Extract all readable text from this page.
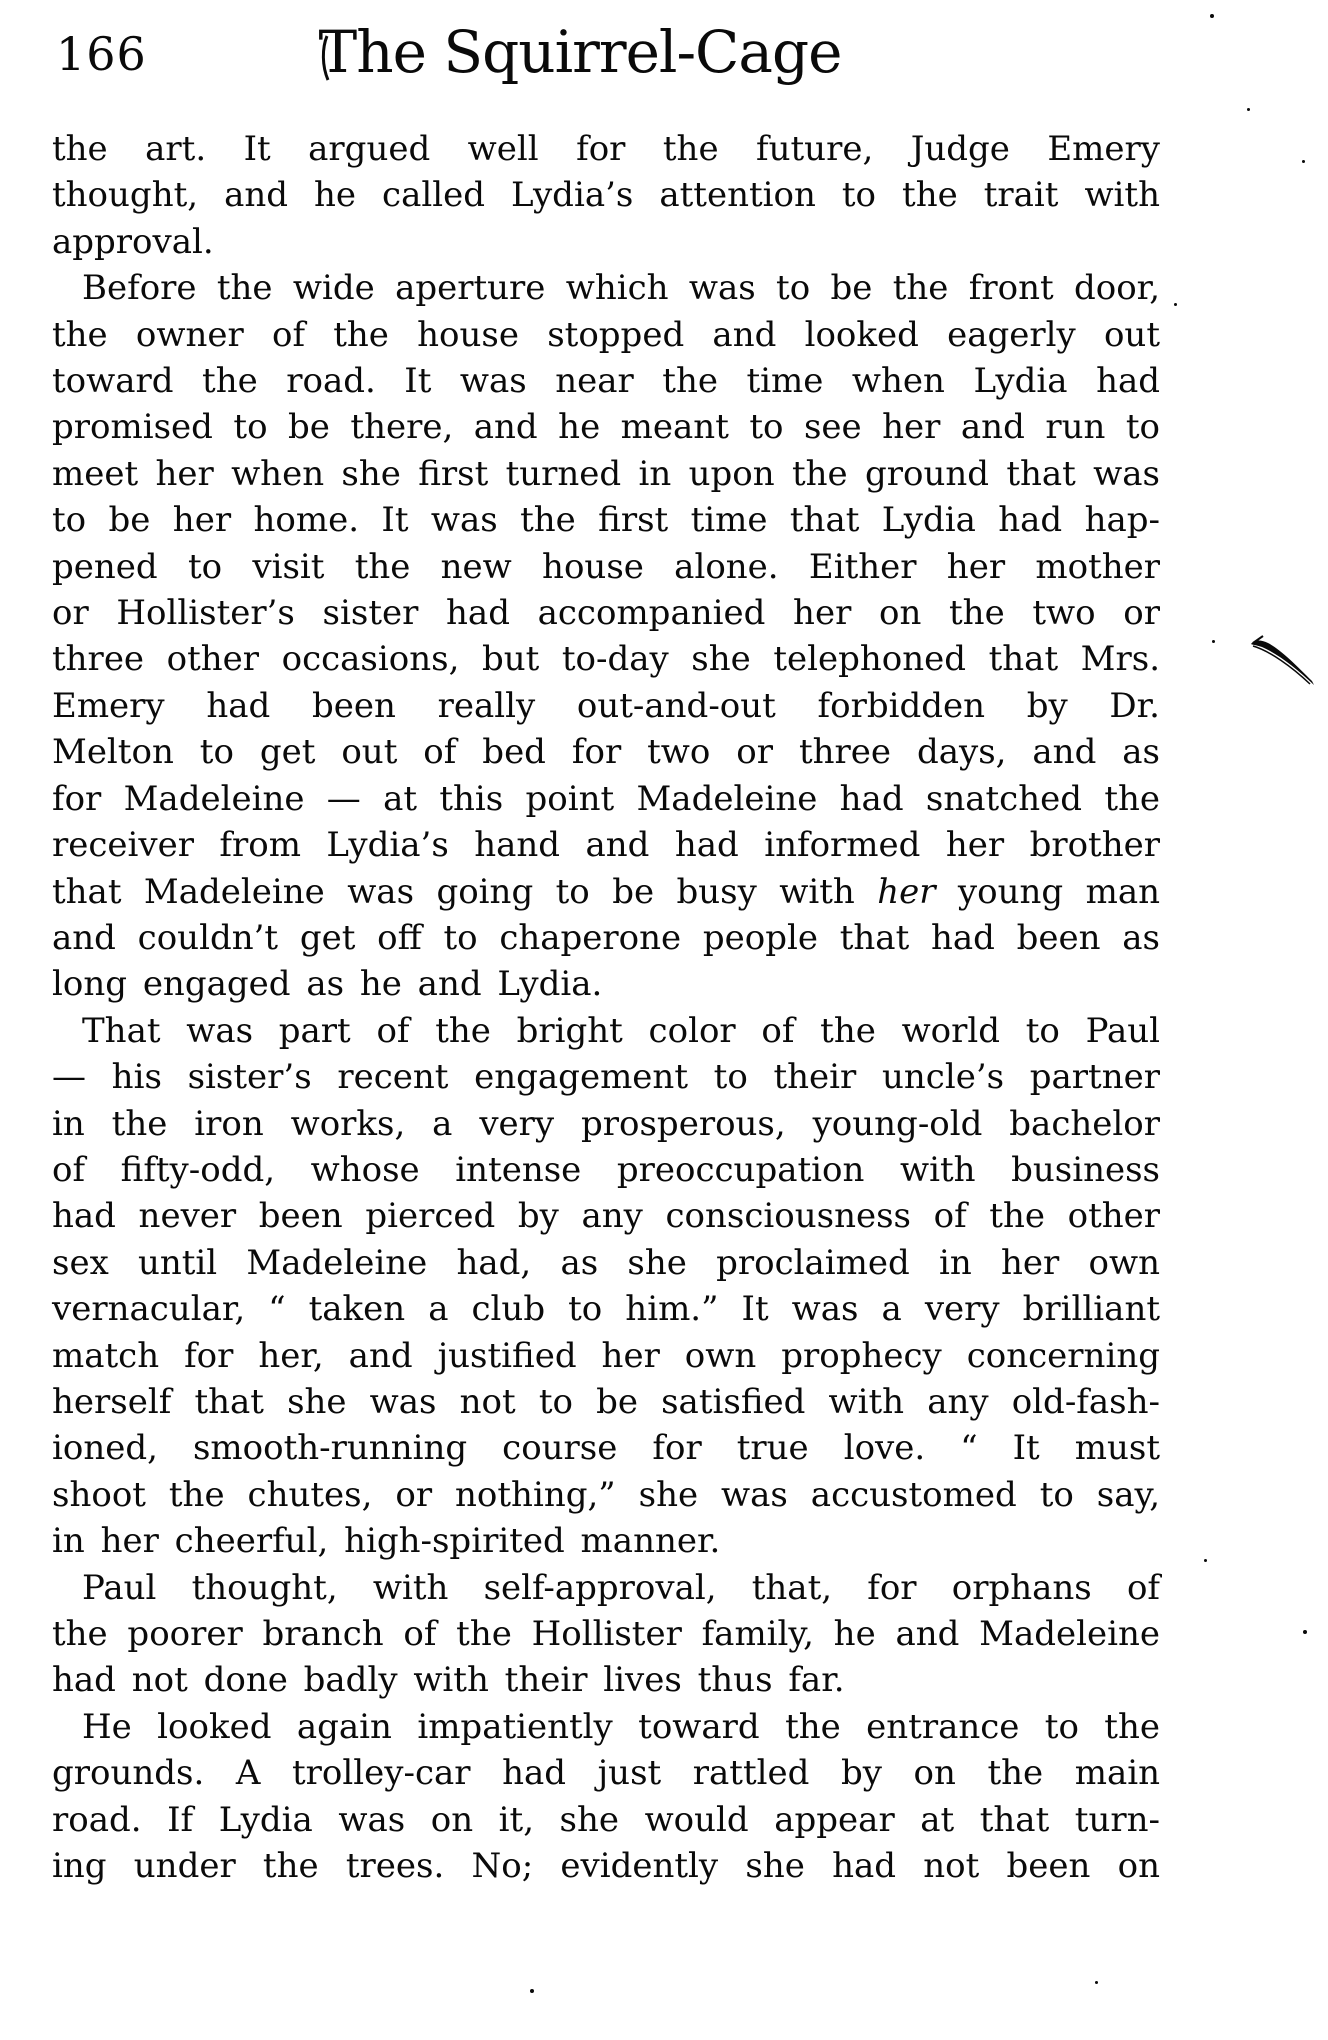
166	The Squirrel-Cage
the art. It argued well for the future, Judge Emery
thought, and he called Lydia’s attention to the trait with
approval.
Before the wide aperture which was to be the front door,
the owner of the house stopped and looked eagerly out
toward the road. It was near the time when Lydia had
promised to be there, and he meant to see her and run to
meet her when she first turned in upon the ground that was
to be her home. It was the first time that Lydia had hap-
pened to visit the new house alone. Either her mother
or Hollister’s sister had accompanied her on the two or
three other occasions, but to-day she telephoned that Mrs.
Emery had been really out-and-out forbidden by Dr.
Melton to get out of bed for two or three days, and as
for Madeleine — at this point Madeleine had snatched the
receiver from Lydia’s hand and had informed her brother
that Madeleine was going to be busy with her young man
and couldn’t get off to chaperone people that had been as
long engaged as he and Lydia.
That was part of the bright color of the world to Paul
— his sister’s recent engagement to their uncle’s partner
in the iron works, a very prosperous, young-old bachelor
of fifty-odd, whose intense preoccupation with business
had never been pierced by any consciousness of the other
sex until Madeleine had, as she proclaimed in her own
vernacular, “ taken a club to him.” It was a very brilliant
match for her, and justified her own prophecy concerning
herself that she was not to be satisfied with any old-fash-
ioned, smooth-running course for true love. “ It must
shoot the chutes, or nothing,” she was accustomed to say,
in her cheerful, high-spirited manner.
Paul thought, with self-approval, that, for orphans of
the poorer branch of the Hollister family, he and Madeleine
had not done badly with their lives thus far.
He looked again impatiently toward the entrance to the
grounds. A trolley-car had just rattled by on the main
road. If Lydia was on it, she would appear at that turn-
ing under the trees. No; evidently she had not been on
